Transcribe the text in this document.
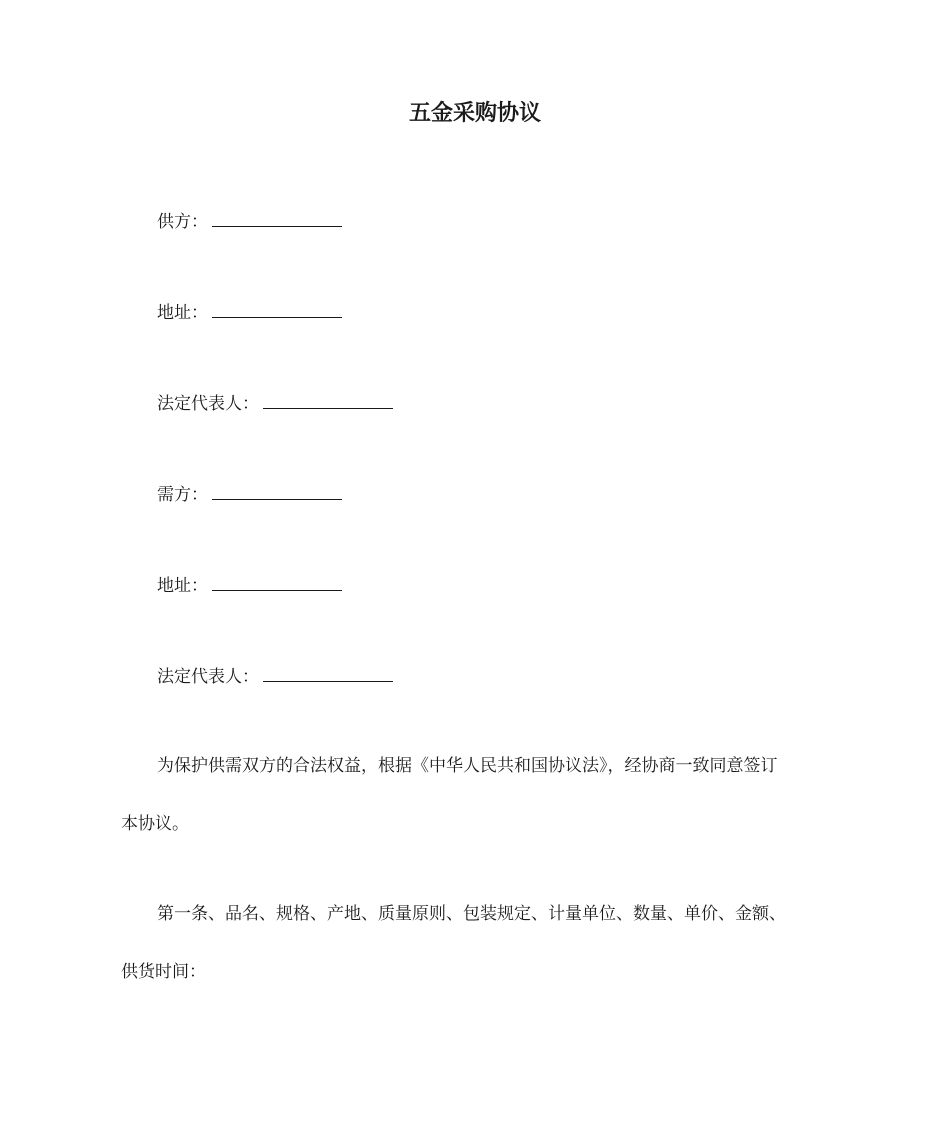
五金采购协议
供方：
地址：
法定代表人：
需方：
地址：
法定代表人：
为保护供需双方的合法权益，根据《中华人民共和国协议法》，经协商一致同意签订
本协议。
第一条、品名、规格、产地、质量原则、包装规定、计量单位、数量、单价、金额、
供货时间：
